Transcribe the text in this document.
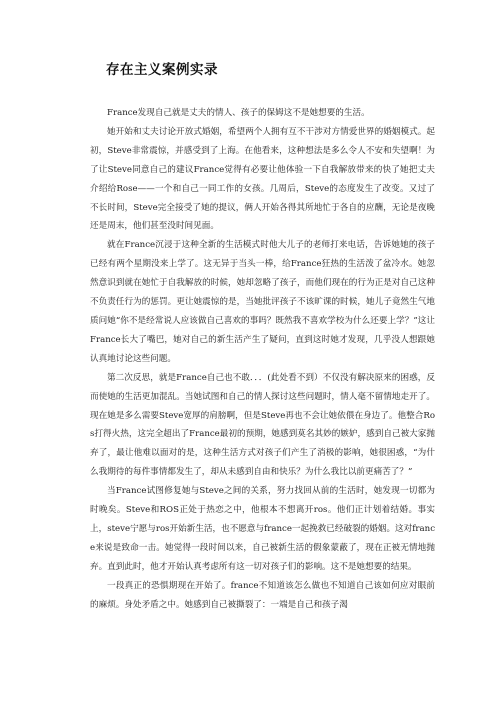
存在主义案例实录

France发现自己就是丈夫的情人、孩子的保姆这不是她想要的生活。

她开始和丈夫讨论开放式婚姻，希望两个人拥有互不干涉对方情爱世界的婚姻模式。起初，Steve非常震惊，并感受到了上海。在他看来，这种想法是多么令人不安和失望啊！为了让Steve同意自己的建议France觉得有必要让他体验一下自我解放带来的快了她把丈夫介绍给Rose——一个和自己一同工作的女孩。几周后，Steve的态度发生了改变。又过了不长时间，Steve完全接受了她的提议，俩人开始各得其所地忙于各自的应酬，无论是夜晚还是周末，他们甚至没时间见面。

就在France沉浸于这种全新的生活模式时他大儿子的老师打来电话，告诉她她的孩子已经有两个星期没来上学了。这无异于当头一棒，给France狂热的生活泼了盆冷水。她忽然意识到就在她忙于自我解放的时候，她却忽略了孩子，而他们现在的行为正是对自己这种不负责任行为的惩罚。更让她震惊的是，当她批评孩子不该旷课的时候，她儿子竟然生气地质问她“你不是经常说人应该做自己喜欢的事吗？既然我不喜欢学校为什么还要上学？”这让France长大了嘴巴，她对自己的新生活产生了疑问，直到这时她才发现，几乎没人想跟她认真地讨论这些问题。

第二次反思，就是France自己也不敢．．．(此处看不到）不仅没有解决原来的困惑，反而使她的生活更加混乱。当她试图和自己的情人探讨这些问题时，情人毫不留情地走开了。现在她是多么需要Steve宽厚的肩膀啊，但是Steve再也不会让她依偎在身边了。他整合Ros打得火热，这完全超出了France最初的预期，她感到莫名其妙的嫉妒，感到自己被大家抛弃了，最让他难以面对的是，这种生活方式对孩子们产生了消极的影响，她很困惑，“为什么我期待的每件事情都发生了，却从未感到自由和快乐？为什么我比以前更痛苦了？”

当France试图修复她与Steve之间的关系，努力找回从前的生活时，她发现一切都为时晚矣。Steve和ROS正处于热恋之中，他根本不想离开ros。他们正计划着结婚。事实上，steve宁愿与ros开始新生活，也不愿意与france一起挽救已经破裂的婚姻。这对france来说是致命一击。她觉得一段时间以来，自己被新生活的假象蒙蔽了，现在正被无情地抛弃。直到此时，他才开始认真考虑所有这一切对孩子们的影响。这不是她想要的结果。

一段真正的恐惧期现在开始了。france不知道该怎么做也不知道自己该如何应对眼前的麻烦。身处矛盾之中。她感到自己被撕裂了：一端是自己和孩子渴
